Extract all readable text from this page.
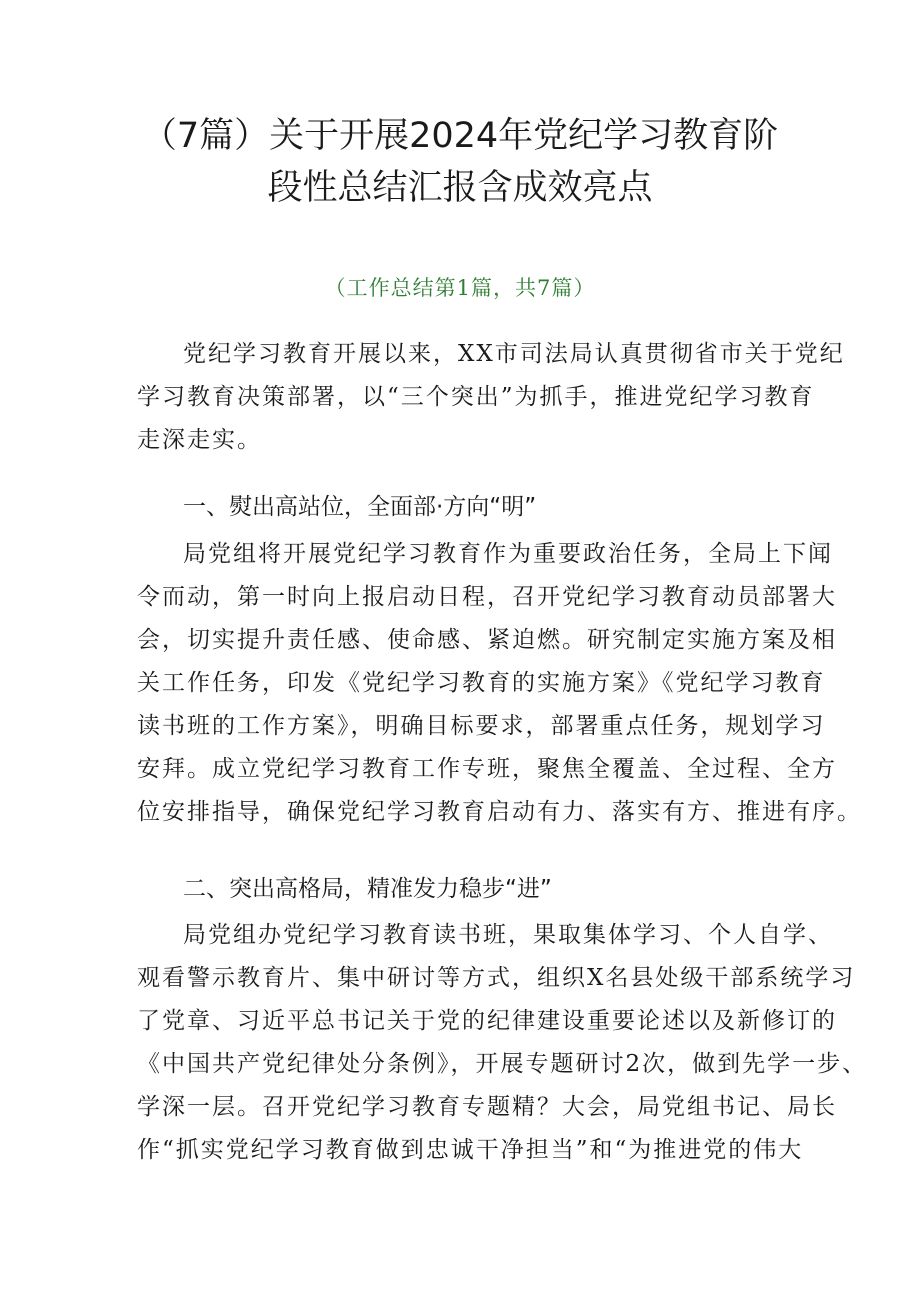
（7篇）关于开展2024年党纪学习教育阶
段性总结汇报含成效亮点
（工作总结第1篇，共7篇）
党纪学习教育开展以来，XX市司法局认真贯彻省市关于党纪
学习教育决策部署，以“三个突出”为抓手，推进党纪学习教育
走深走实。
一、熨出高站位，全面部·方向“明”
局党组将开展党纪学习教育作为重要政治任务，全局上下闻
令而动，第一时向上报启动日程，召开党纪学习教育动员部署大
会，切实提升责任感、使命感、紧迫燃。研究制定实施方案及相
关工作任务，印发《党纪学习教育的实施方案》《党纪学习教育
读书班的工作方案》，明确目标要求，部署重点任务，规划学习
安拜。成立党纪学习教育工作专班，聚焦全覆盖、全过程、全方
位安排指导，确保党纪学习教育启动有力、落实有方、推进有序。
二、突出高格局，精准发力稳步“进”
局党组办党纪学习教育读书班，果取集体学习、个人自学、
观看警示教育片、集中研讨等方式，组织X名县处级干部系统学习
了党章、习近平总书记关于党的纪律建设重要论述以及新修订的
《中国共产党纪律处分条例》，开展专题研讨2次，做到先学一步、
学深一层。召开党纪学习教育专题精？大会，局党组书记、局长
作“抓实党纪学习教育做到忠诚干净担当”和“为推进党的伟大
